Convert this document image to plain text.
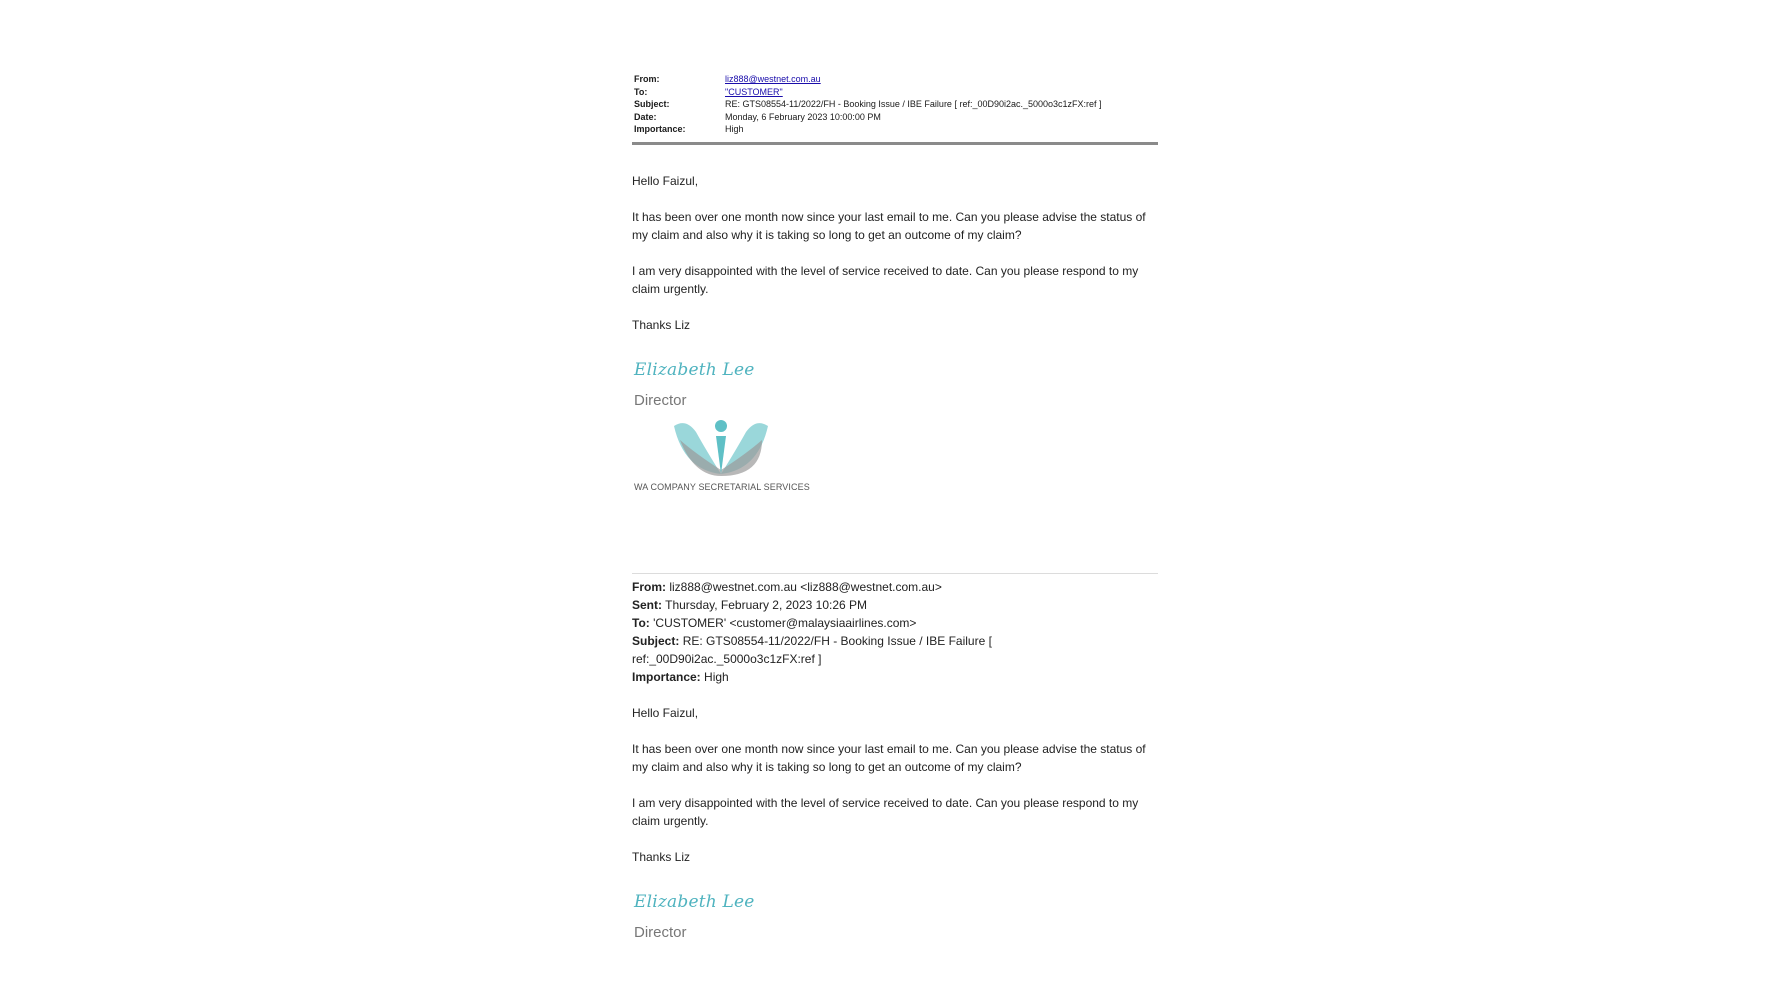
From:	liz888@westnet.com.au
To:	"CUSTOMER"
Subject:	RE: GTS08554-11/2022/FH - Booking Issue / IBE Failure [ ref:_00D90i2ac._5000o3c1zFX:ref ]
Date:	Monday, 6 February 2023 10:00:00 PM
Importance:	High

Hello Faizul,

It has been over one month now since your last email to me. Can you please advise the status of my claim and also why it is taking so long to get an outcome of my claim?

I am very disappointed with the level of service received to date. Can you please respond to my claim urgently.

Thanks Liz

Elizabeth Lee
Director
WA COMPANY SECRETARIAL SERVICES
From: liz888@westnet.com.au <liz888@westnet.com.au>
Sent: Thursday, February 2, 2023 10:26 PM
To: 'CUSTOMER' <customer@malaysiaairlines.com>
Subject: RE: GTS08554-11/2022/FH - Booking Issue / IBE Failure [
ref:_00D90i2ac._5000o3c1zFX:ref ]
Importance: High

Hello Faizul,

It has been over one month now since your last email to me. Can you please advise the status of my claim and also why it is taking so long to get an outcome of my claim?

I am very disappointed with the level of service received to date. Can you please respond to my claim urgently.

Thanks Liz

Elizabeth Lee
Director
